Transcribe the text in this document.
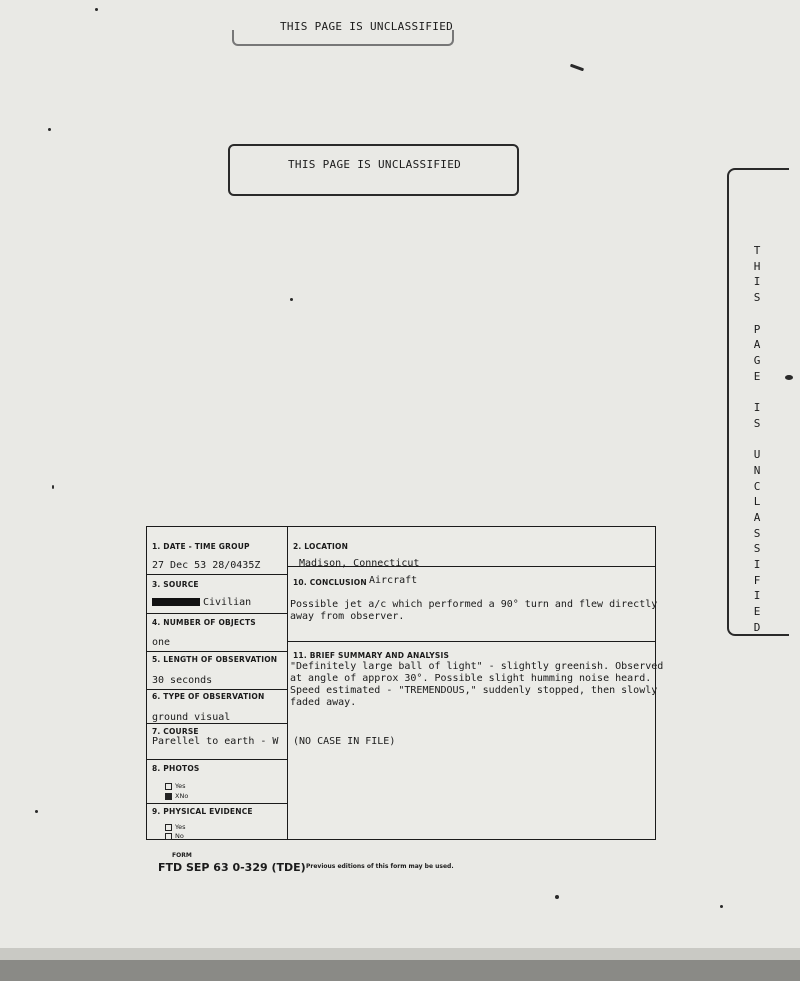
THIS PAGE IS UNCLASSIFIED
THIS PAGE IS UNCLASSIFIED
T
H
I
S

P
A
G
E

I
S

U
N
C
L
A
S
S
I
F
I
E
D
1. DATE - TIME GROUP
27 Dec 53 28/0435Z
2. LOCATION
Madison, Connecticut
3. SOURCE
Civilian
10. CONCLUSION Aircraft
Possible jet a/c which performed a 90° turn and flew directly
away from observer.
4. NUMBER OF OBJECTS
one
5. LENGTH OF OBSERVATION
30 seconds
11. BRIEF SUMMARY AND ANALYSIS
"Definitely large ball of light" - slightly greenish. Observed
at angle of approx 30°. Possible slight humming noise heard.
Speed estimated - "TREMENDOUS," suddenly stopped, then slowly
faded away.
(NO CASE IN FILE)
6. TYPE OF OBSERVATION
ground visual
7. COURSE
Parellel to earth - W
8. PHOTOS
Yes
XNo
9. PHYSICAL EVIDENCE
Yes
No
FORM
FTD SEP 63 0-329 (TDE) Previous editions of this form may be used.
